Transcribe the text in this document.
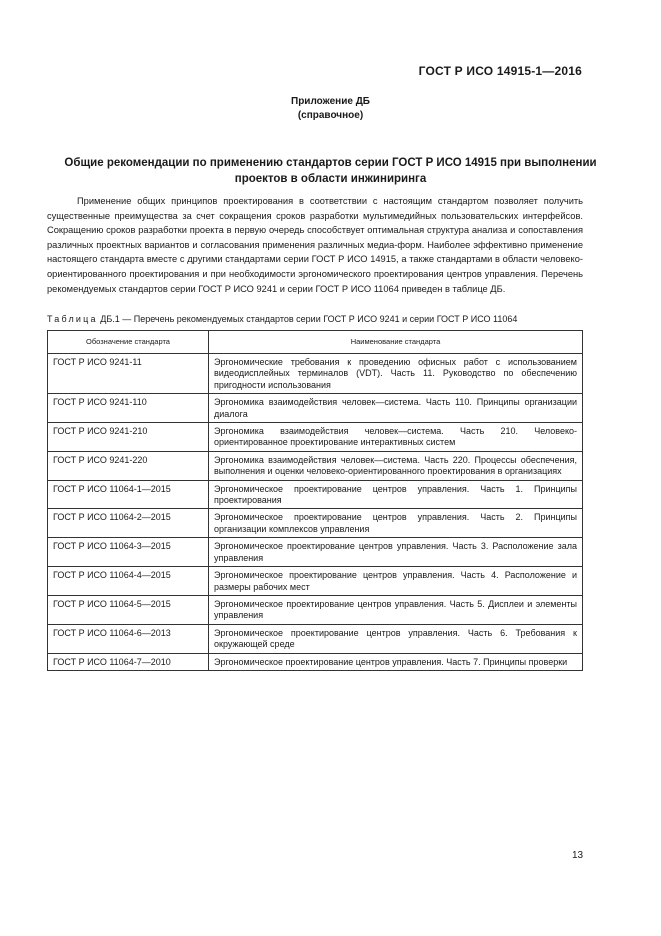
ГОСТ Р ИСО 14915-1—2016
Приложение ДБ
(справочное)
Общие рекомендации по применению стандартов серии ГОСТ Р ИСО 14915 при выполнении
проектов в области инжиниринга

Применение общих принципов проектирования в соответствии с настоящим стандартом позволяет получить существенные преимущества за счет сокращения сроков разработки мультимедийных пользовательских интерфейсов. Сокращению сроков разработки проекта в первую очередь способствует оптимальная структура анализа и сопоставления различных проектных вариантов и согласования применения различных медиа-форм. Наиболее эффективно применение настоящего стандарта вместе с другими стандартами серии ГОСТ Р ИСО 14915, а также стандартами в области человеко-ориентированного проектирования и при необходимости эргономического проектирования центров управления. Перечень рекомендуемых стандартов серии ГОСТ Р ИСО 9241 и серии ГОСТ Р ИСО 11064 приведен в таблице ДБ.

Таблица ДБ.1 — Перечень рекомендуемых стандартов серии ГОСТ Р ИСО 9241 и серии ГОСТ Р ИСО 11064
Обозначение стандарта	Наименование стандарта
ГОСТ Р ИСО 9241-11	Эргономические требования к проведению офисных работ с использованием видеодисплейных терминалов (VDT). Часть 11. Руководство по обеспечению пригодности использования
ГОСТ Р ИСО 9241-110	Эргономика взаимодействия человек—система. Часть 110. Принципы организации диалога
ГОСТ Р ИСО 9241-210	Эргономика взаимодействия человек—система. Часть 210. Человеко-ориентированное проектирование интерактивных систем
ГОСТ Р ИСО 9241-220	Эргономика взаимодействия человек—система. Часть 220. Процессы обеспечения, выполнения и оценки человеко-ориентированного проектирования в организациях
ГОСТ Р ИСО 11064-1—2015	Эргономическое проектирование центров управления. Часть 1. Принципы проектирования
ГОСТ Р ИСО 11064-2—2015	Эргономическое проектирование центров управления. Часть 2. Принципы организации комплексов управления
ГОСТ Р ИСО 11064-3—2015	Эргономическое проектирование центров управления. Часть 3. Расположение зала управления
ГОСТ Р ИСО 11064-4—2015	Эргономическое проектирование центров управления. Часть 4. Расположение и размеры рабочих мест
ГОСТ Р ИСО 11064-5—2015	Эргономическое проектирование центров управления. Часть 5. Дисплеи и элементы управления
ГОСТ Р ИСО 11064-6—2013	Эргономическое проектирование центров управления. Часть 6. Требования к окружающей среде
ГОСТ Р ИСО 11064-7—2010	Эргономическое проектирование центров управления. Часть 7. Принципы проверки
13
